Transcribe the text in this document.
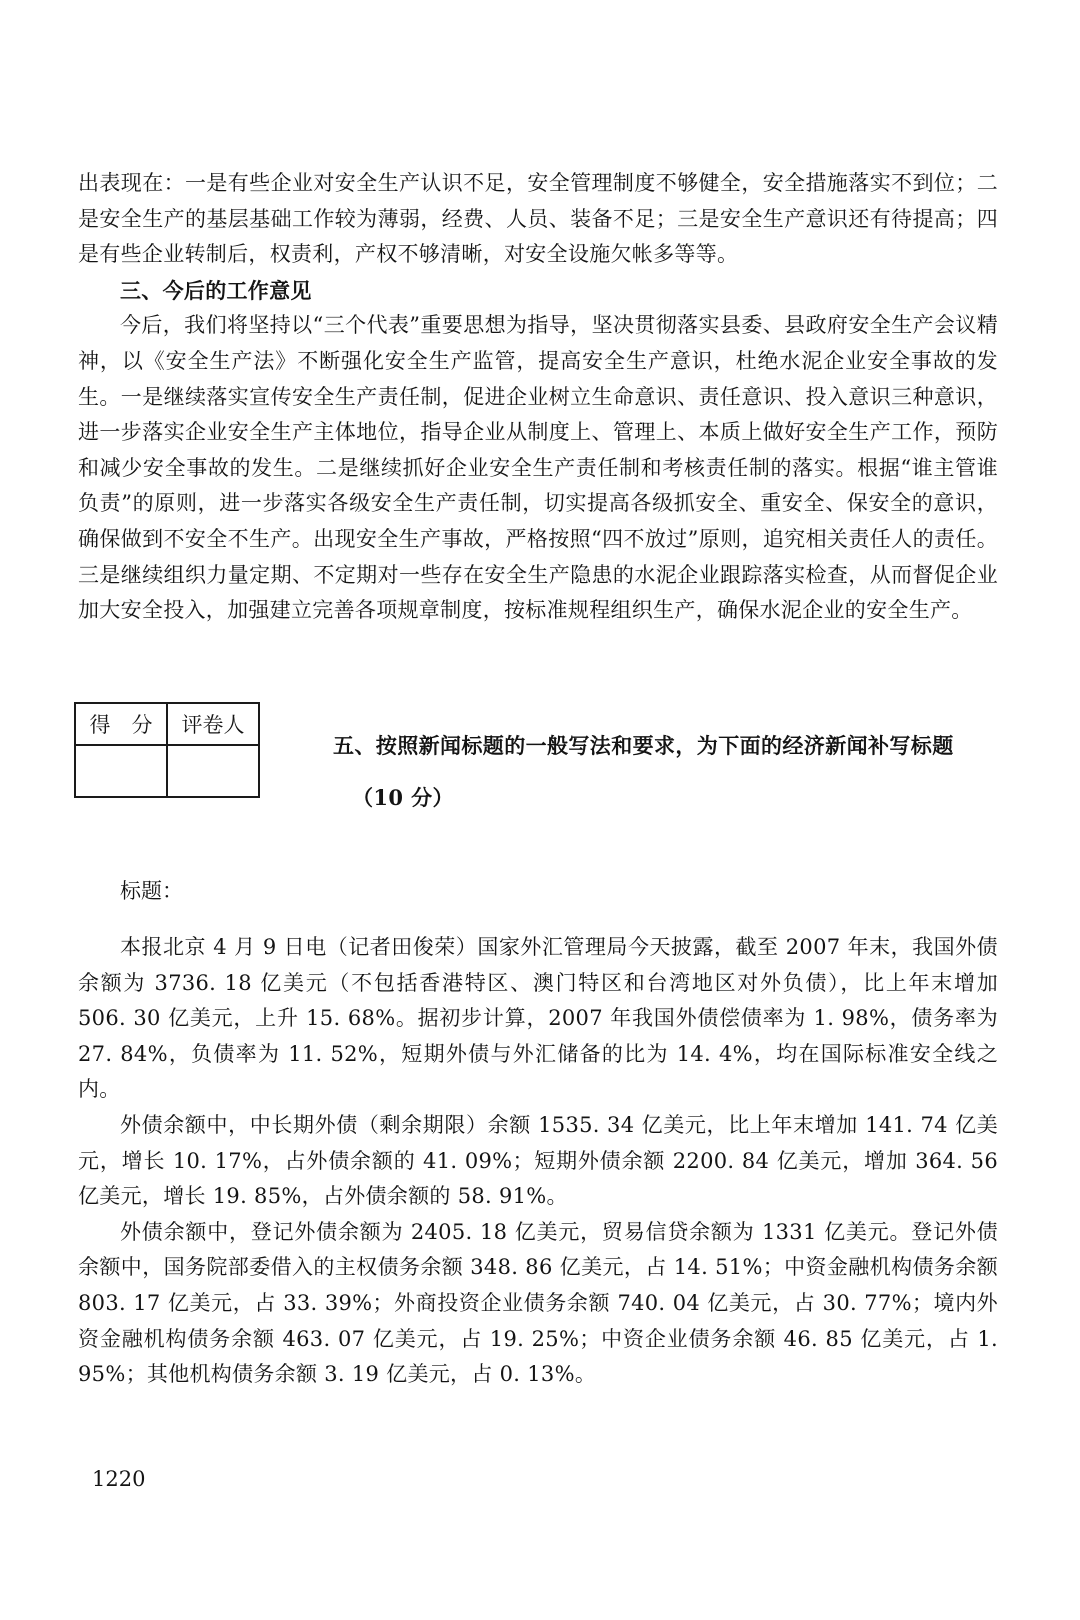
出表现在：一是有些企业对安全生产认识不足，安全管理制度不够健全，安全措施落实不到位；二是安全生产的基层基础工作较为薄弱，经费、人员、装备不足；三是安全生产意识还有待提高；四是有些企业转制后，权责利，产权不够清晰，对安全设施欠帐多等等。
三、今后的工作意见
今后，我们将坚持以“三个代表”重要思想为指导，坚决贯彻落实县委、县政府安全生产会议精神，以《安全生产法》不断强化安全生产监管，提高安全生产意识，杜绝水泥企业安全事故的发生。一是继续落实宣传安全生产责任制，促进企业树立生命意识、责任意识、投入意识三种意识，进一步落实企业安全生产主体地位，指导企业从制度上、管理上、本质上做好安全生产工作，预防和减少安全事故的发生。二是继续抓好企业安全生产责任制和考核责任制的落实。根据“谁主管谁负责”的原则，进一步落实各级安全生产责任制，切实提高各级抓安全、重安全、保安全的意识，确保做到不安全不生产。出现安全生产事故，严格按照“四不放过”原则，追究相关责任人的责任。三是继续组织力量定期、不定期对一些存在安全生产隐患的水泥企业跟踪落实检查，从而督促企业加大安全投入，加强建立完善各项规章制度，按标准规程组织生产，确保水泥企业的安全生产。
得　分	评卷人

五、按照新闻标题的一般写法和要求，为下面的经济新闻补写标题
（10 分）
标题：
本报北京 4 月 9 日电（记者田俊荣）国家外汇管理局今天披露，截至 2007 年末，我国外债余额为 3736. 18 亿美元（不包括香港特区、澳门特区和台湾地区对外负债），比上年末增加 506. 30 亿美元，上升 15. 68%。据初步计算，2007 年我国外债偿债率为 1. 98%，债务率为 27. 84%，负债率为 11. 52%，短期外债与外汇储备的比为 14. 4%，均在国际标准安全线之内。
外债余额中，中长期外债（剩余期限）余额 1535. 34 亿美元，比上年末增加 141. 74 亿美元，增长 10. 17%，占外债余额的 41. 09%；短期外债余额 2200. 84 亿美元，增加 364. 56 亿美元，增长 19. 85%，占外债余额的 58. 91%。
外债余额中，登记外债余额为 2405. 18 亿美元，贸易信贷余额为 1331 亿美元。登记外债余额中，国务院部委借入的主权债务余额 348. 86 亿美元，占 14. 51%；中资金融机构债务余额 803. 17 亿美元，占 33. 39%；外商投资企业债务余额 740. 04 亿美元，占 30. 77%；境内外资金融机构债务余额 463. 07 亿美元，占 19. 25%；中资企业债务余额 46. 85 亿美元，占 1. 95%；其他机构债务余额 3. 19 亿美元，占 0. 13%。
1220
